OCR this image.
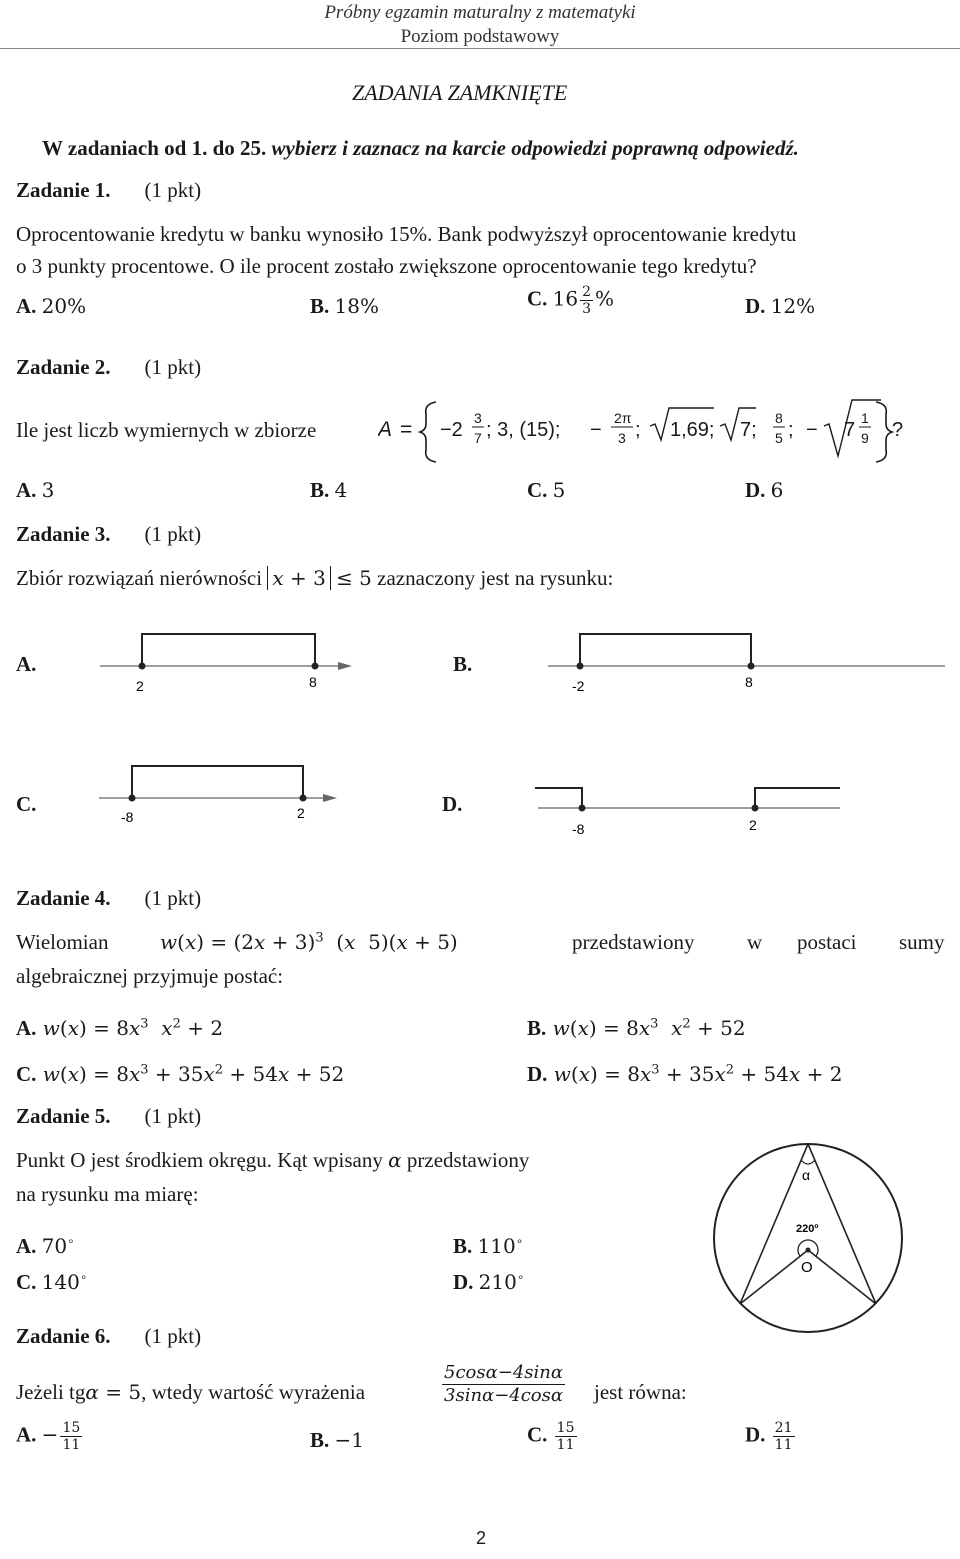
Próbny egzamin maturalny z matematyki
Poziom podstawowy
ZADANIA ZAMKNIĘTE
W zadaniach od 1. do 25. wybierz i zaznacz na karcie odpowiedzi poprawną odpowiedź.
Zadanie 1. (1 pkt)
Oprocentowanie kredytu w banku wynosiło 15%. Bank podwyższył oprocentowanie kredytu
o 3 punkty procentowe. O ile procent zostało zwiększone oprocentowanie tego kredytu?
A. 20%	B. 18%	C. $16 \frac{2}{3}$ %	D. 12%
Zadanie 2. (1 pkt)
Ile jest liczb wymiernych w zbiorze	A = −2
3
7 ; 3, (15); −
2π
3 ; 1,69; 7;
8
5 ; − 7
1
9 ?
A. 3	B. 4	C. 5	D. 6
Zadanie 3. (1 pkt)
Zbiór rozwiązań nierówności x + 3 ≤ 5 zaznaczony jest na rysunku:
A.
2	8
B.
-2	8
C.
-8	2	D.
-8	2
Zadanie 4. (1 pkt)
Wielomian	$w(x) = (2x + 3)^3$  (x  5)(x + 5)	przedstawiony	w postaci sumy
algebraicznej przyjmuje postać:
A. $w(x) = 8x^3$ $x^2 + 2$	B. $w(x) = 8x^3$ $x^2 + 52$
C. $w(x) = 8x^3 + 35x^2 + 54x + 52$	D. $w(x) = 8x^3 + 35x^2 + 54x + 2$
Zadanie 5. (1 pkt)
Punkt O jest środkiem okręgu. Kąt wpisany α przedstawiony
na rysunku ma miarę:
A. 70∘	B. 110∘
C. 140∘	D. 210∘
α
220º
O
Zadanie 6. (1 pkt)
Jeżeli tgα = 5, wtedy wartość wyrażenia	$\frac{5\cos\alpha-4\sin\alpha}{3\sin\alpha-4\cos\alpha}$ jest równa:
A. − $\frac{15}{11}$	B. −1	C. $\frac{15}{11}$	D. $\frac{21}{11}$
2
